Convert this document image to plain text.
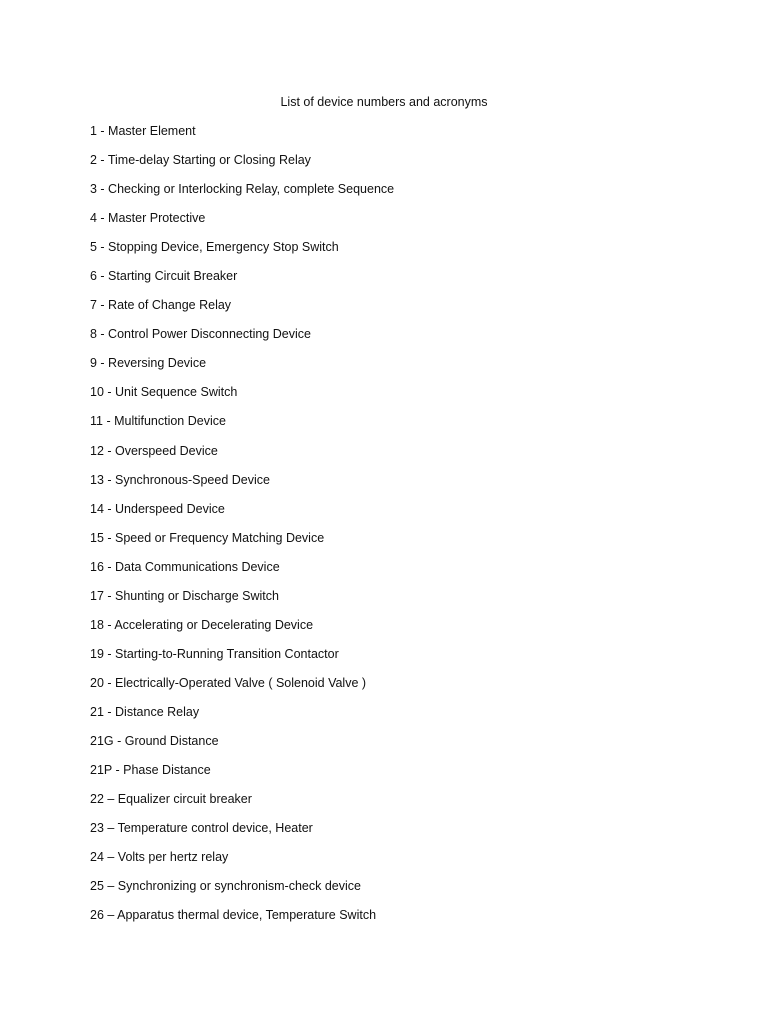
List of device numbers and acronyms
1 - Master Element
2 - Time-delay Starting or Closing Relay
3 - Checking or Interlocking Relay, complete Sequence
4 - Master Protective
5 - Stopping Device, Emergency Stop Switch
6 - Starting Circuit Breaker
7 - Rate of Change Relay
8 - Control Power Disconnecting Device
9 - Reversing Device
10 - Unit Sequence Switch
11 - Multifunction Device
12 - Overspeed Device
13 - Synchronous-Speed Device
14 - Underspeed Device
15 - Speed or Frequency Matching Device
16 - Data Communications Device
17 - Shunting or Discharge Switch
18 - Accelerating or Decelerating Device
19 - Starting-to-Running Transition Contactor
20 - Electrically-Operated Valve ( Solenoid Valve )
21 - Distance Relay
21G - Ground Distance
21P - Phase Distance
22 – Equalizer circuit breaker
23 – Temperature control device, Heater
24 – Volts per hertz relay
25 – Synchronizing or synchronism-check device
26 – Apparatus thermal device, Temperature Switch
